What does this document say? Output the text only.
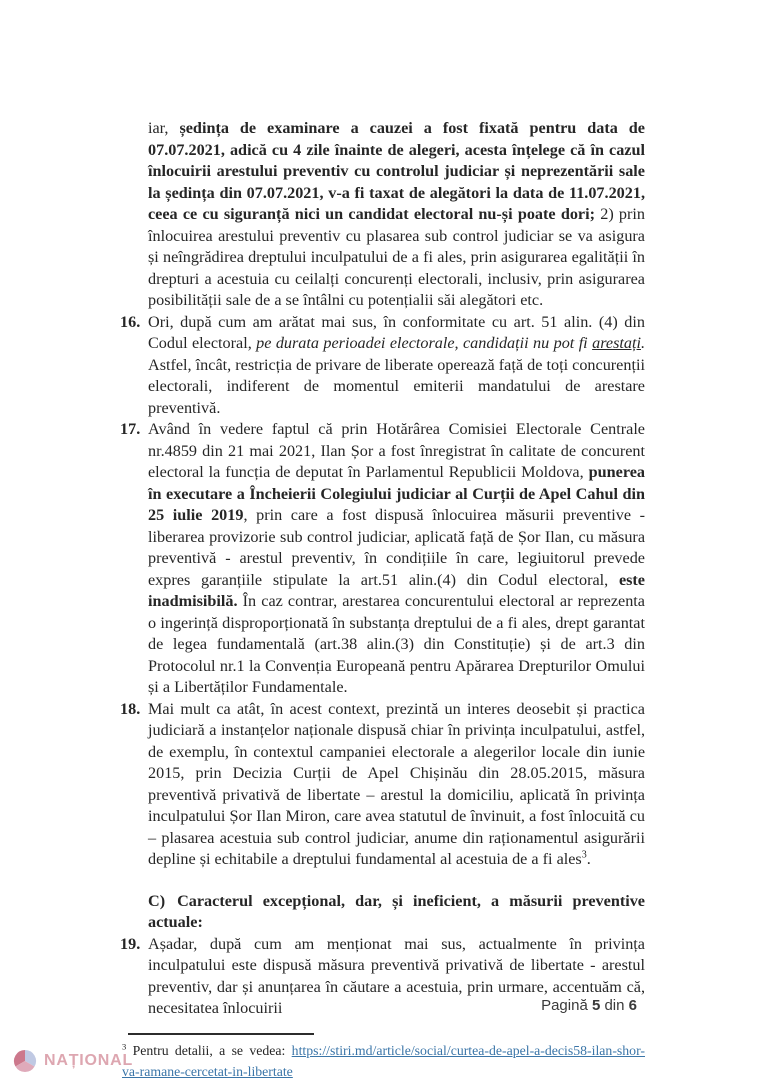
iar, ședința de examinare a cauzei a fost fixată pentru data de 07.07.2021, adică cu 4 zile înainte de alegeri, acesta înțelege că în cazul înlocuirii arestului preventiv cu controlul judiciar și neprezentării sale la ședința din 07.07.2021, v-a fi taxat de alegători la data de 11.07.2021, ceea ce cu siguranță nici un candidat electoral nu-și poate dori; 2) prin înlocuirea arestului preventiv cu plasarea sub control judiciar se va asigura și neîngrădirea dreptului inculpatului de a fi ales, prin asigurarea egalității în drepturi a acestuia cu ceilalți concurenți electorali, inclusiv, prin asigurarea posibilității sale de a se întâlni cu potențialii săi alegători etc.

16. Ori, după cum am arătat mai sus, în conformitate cu art. 51 alin. (4) din Codul electoral, pe durata perioadei electorale, candidații nu pot fi arestați. Astfel, încât, restricția de privare de liberate operează față de toți concurenții electorali, indiferent de momentul emiterii mandatului de arestare preventivă.

17. Având în vedere faptul că prin Hotărârea Comisiei Electorale Centrale nr.4859 din 21 mai 2021, Ilan Șor a fost înregistrat în calitate de concurent electoral la funcția de deputat în Parlamentul Republicii Moldova, punerea în executare a Încheierii Colegiului judiciar al Curții de Apel Cahul din 25 iulie 2019, prin care a fost dispusă înlocuirea măsurii preventive - liberarea provizorie sub control judiciar, aplicată față de Șor Ilan, cu măsura preventivă - arestul preventiv, în condițiile în care, legiuitorul prevede expres garanțiile stipulate la art.51 alin.(4) din Codul electoral, este inadmisibilă. În caz contrar, arestarea concurentului electoral ar reprezenta o ingerință disproporționată în substanța dreptului de a fi ales, drept garantat de legea fundamentală (art.38 alin.(3) din Constituție) și de art.3 din Protocolul nr.1 la Convenția Europeană pentru Apărarea Drepturilor Omului și a Libertăților Fundamentale.

18. Mai mult ca atât, în acest context, prezintă un interes deosebit și practica judiciară a instanțelor naționale dispusă chiar în privința inculpatului, astfel, de exemplu, în contextul campaniei electorale a alegerilor locale din iunie 2015, prin Decizia Curții de Apel Chișinău din 28.05.2015, măsura preventivă privativă de libertate – arestul la domiciliu, aplicată în privința inculpatului Șor Ilan Miron, care avea statutul de învinuit, a fost înlocuită cu – plasarea acestuia sub control judiciar, anume din raționamentul asigurării depline și echitabile a dreptului fundamental al acestuia de a fi ales$^3$.

C) Caracterul excepțional, dar, și ineficient, a măsurii preventive actuale:

19. Așadar, după cum am menționat mai sus, actualmente în privința inculpatului este dispusă măsura preventivă privativă de libertate - arestul preventiv, dar și anunțarea în căutare a acestuia, prin urmare, accentuăm că, necesitatea înlocuirii

$^3$ Pentru detalii, a se vedea: https://stiri.md/article/social/curtea-de-apel-a-decis58-ilan-shor-va-ramane-cercetat-in-libertate

Pagină 5 din 6
NAȚIONAL
